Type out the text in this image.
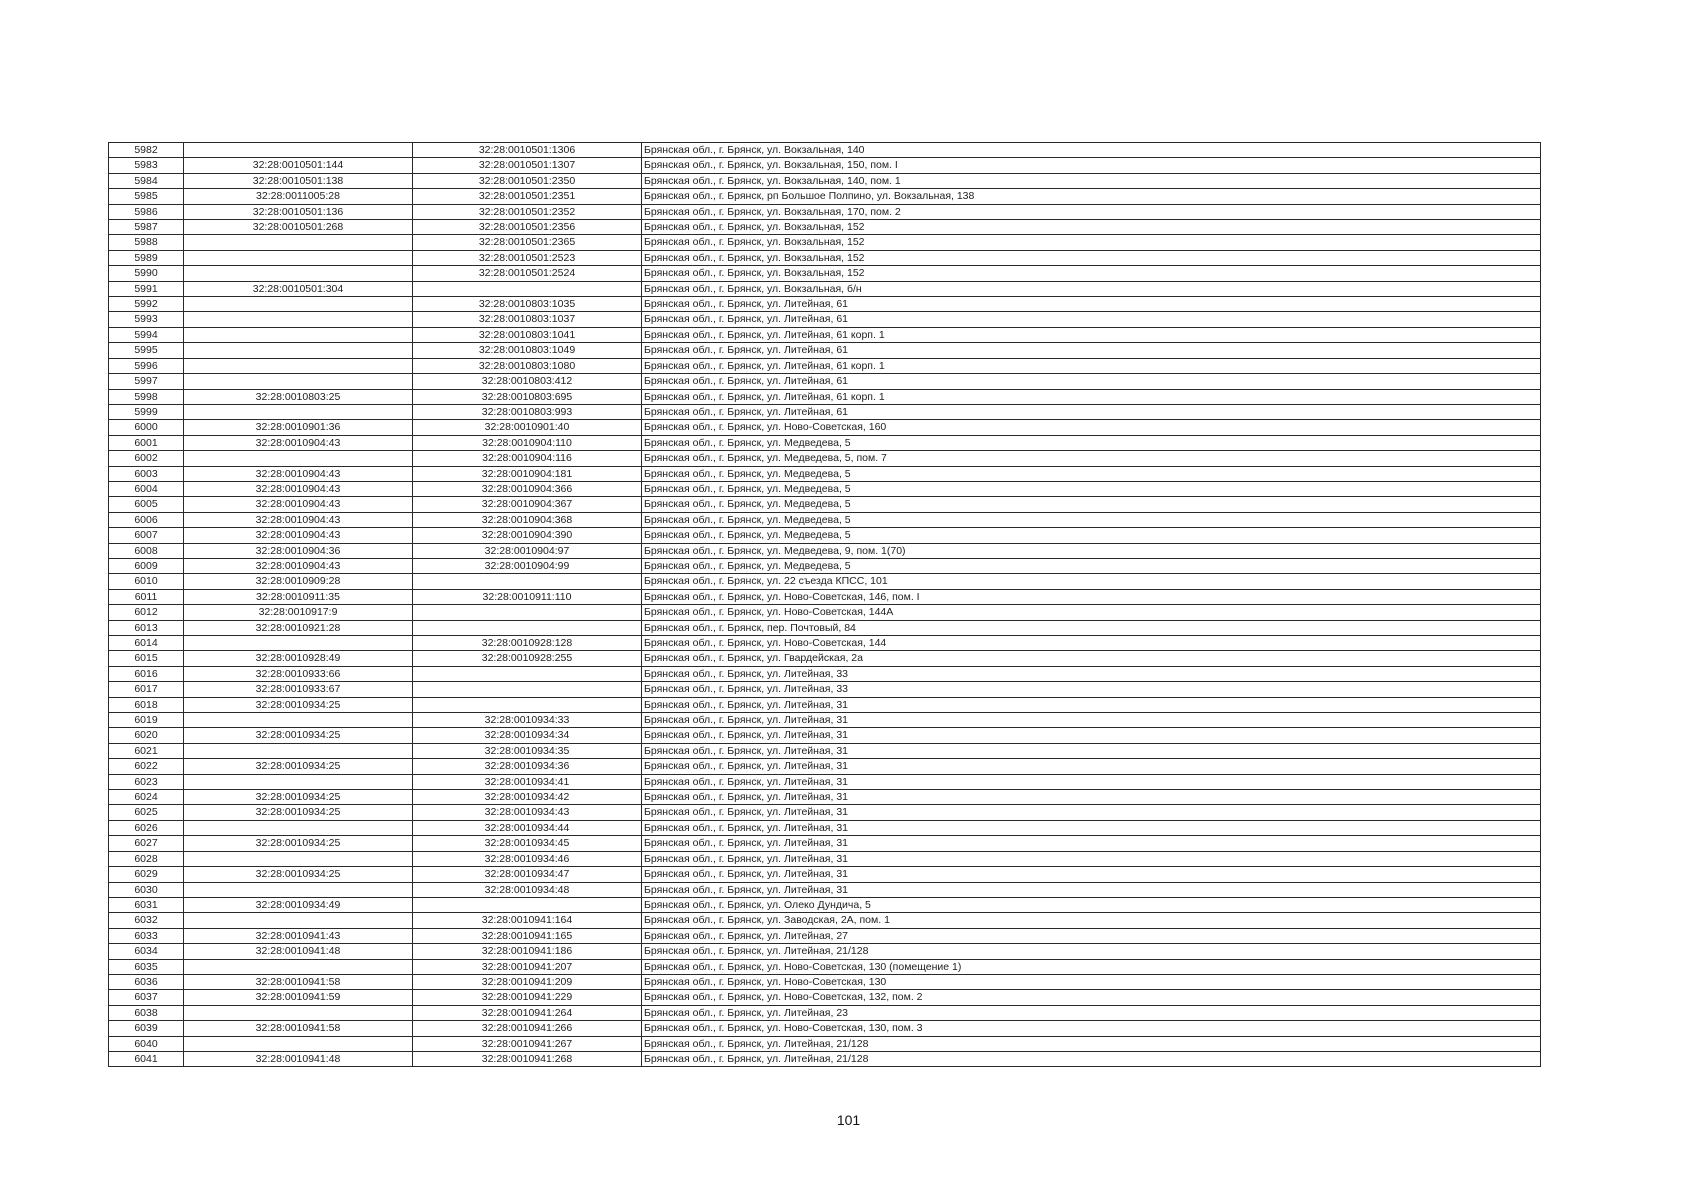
5982		32:28:0010501:1306	Брянская обл., г. Брянск, ул. Вокзальная, 140
5983	32:28:0010501:144	32:28:0010501:1307	Брянская обл., г. Брянск, ул. Вокзальная, 150, пом. I
5984	32:28:0010501:138	32:28:0010501:2350	Брянская обл., г. Брянск, ул. Вокзальная, 140, пом. 1
5985	32:28:0011005:28	32:28:0010501:2351	Брянская обл., г. Брянск, рп Большое Полпино, ул. Вокзальная, 138
5986	32:28:0010501:136	32:28:0010501:2352	Брянская обл., г. Брянск, ул. Вокзальная, 170, пом. 2
5987	32:28:0010501:268	32:28:0010501:2356	Брянская обл., г. Брянск, ул. Вокзальная, 152
5988		32:28:0010501:2365	Брянская обл., г. Брянск, ул. Вокзальная, 152
5989		32:28:0010501:2523	Брянская обл., г. Брянск, ул. Вокзальная, 152
5990		32:28:0010501:2524	Брянская обл., г. Брянск, ул. Вокзальная, 152
5991	32:28:0010501:304		Брянская обл., г. Брянск, ул. Вокзальная, б/н
5992		32:28:0010803:1035	Брянская обл., г. Брянск, ул. Литейная, 61
5993		32:28:0010803:1037	Брянская обл., г. Брянск, ул. Литейная, 61
5994		32:28:0010803:1041	Брянская обл., г. Брянск, ул. Литейная, 61 корп. 1
5995		32:28:0010803:1049	Брянская обл., г. Брянск, ул. Литейная, 61
5996		32:28:0010803:1080	Брянская обл., г. Брянск, ул. Литейная, 61 корп. 1
5997		32:28:0010803:412	Брянская обл., г. Брянск, ул. Литейная, 61
5998	32:28:0010803:25	32:28:0010803:695	Брянская обл., г. Брянск, ул. Литейная, 61 корп. 1
5999		32:28:0010803:993	Брянская обл., г. Брянск, ул. Литейная, 61
6000	32:28:0010901:36	32:28:0010901:40	Брянская обл., г. Брянск, ул. Ново-Советская, 160
6001	32:28:0010904:43	32:28:0010904:110	Брянская обл., г. Брянск, ул. Медведева, 5
6002		32:28:0010904:116	Брянская обл., г. Брянск, ул. Медведева, 5, пом. 7
6003	32:28:0010904:43	32:28:0010904:181	Брянская обл., г. Брянск, ул. Медведева, 5
6004	32:28:0010904:43	32:28:0010904:366	Брянская обл., г. Брянск, ул. Медведева, 5
6005	32:28:0010904:43	32:28:0010904:367	Брянская обл., г. Брянск, ул. Медведева, 5
6006	32:28:0010904:43	32:28:0010904:368	Брянская обл., г. Брянск, ул. Медведева, 5
6007	32:28:0010904:43	32:28:0010904:390	Брянская обл., г. Брянск, ул. Медведева, 5
6008	32:28:0010904:36	32:28:0010904:97	Брянская обл., г. Брянск, ул. Медведева, 9, пом. 1(70)
6009	32:28:0010904:43	32:28:0010904:99	Брянская обл., г. Брянск, ул. Медведева, 5
6010	32:28:0010909:28		Брянская обл., г. Брянск, ул. 22 съезда КПСС, 101
6011	32:28:0010911:35	32:28:0010911:110	Брянская обл., г. Брянск, ул. Ново-Советская, 146, пом. I
6012	32:28:0010917:9		Брянская обл., г. Брянск, ул. Ново-Советская, 144А
6013	32:28:0010921:28		Брянская обл., г. Брянск, пер. Почтовый, 84
6014		32:28:0010928:128	Брянская обл., г. Брянск, ул. Ново-Советская, 144
6015	32:28:0010928:49	32:28:0010928:255	Брянская обл., г. Брянск, ул. Гвардейская, 2а
6016	32:28:0010933:66		Брянская обл., г. Брянск, ул. Литейная, 33
6017	32:28:0010933:67		Брянская обл., г. Брянск, ул. Литейная, 33
6018	32:28:0010934:25		Брянская обл., г. Брянск, ул. Литейная, 31
6019		32:28:0010934:33	Брянская обл., г. Брянск, ул. Литейная, 31
6020	32:28:0010934:25	32:28:0010934:34	Брянская обл., г. Брянск, ул. Литейная, 31
6021		32:28:0010934:35	Брянская обл., г. Брянск, ул. Литейная, 31
6022	32:28:0010934:25	32:28:0010934:36	Брянская обл., г. Брянск, ул. Литейная, 31
6023		32:28:0010934:41	Брянская обл., г. Брянск, ул. Литейная, 31
6024	32:28:0010934:25	32:28:0010934:42	Брянская обл., г. Брянск, ул. Литейная, 31
6025	32:28:0010934:25	32:28:0010934:43	Брянская обл., г. Брянск, ул. Литейная, 31
6026		32:28:0010934:44	Брянская обл., г. Брянск, ул. Литейная, 31
6027	32:28:0010934:25	32:28:0010934:45	Брянская обл., г. Брянск, ул. Литейная, 31
6028		32:28:0010934:46	Брянская обл., г. Брянск, ул. Литейная, 31
6029	32:28:0010934:25	32:28:0010934:47	Брянская обл., г. Брянск, ул. Литейная, 31
6030		32:28:0010934:48	Брянская обл., г. Брянск, ул. Литейная, 31
6031	32:28:0010934:49		Брянская обл., г. Брянск, ул. Олеко Дундича, 5
6032		32:28:0010941:164	Брянская обл., г. Брянск, ул. Заводская, 2А, пом. 1
6033	32:28:0010941:43	32:28:0010941:165	Брянская обл., г. Брянск, ул. Литейная, 27
6034	32:28:0010941:48	32:28:0010941:186	Брянская обл., г. Брянск, ул. Литейная, 21/128
6035		32:28:0010941:207	Брянская обл., г. Брянск, ул. Ново-Советская, 130 (помещение 1)
6036	32:28:0010941:58	32:28:0010941:209	Брянская обл., г. Брянск, ул. Ново-Советская, 130
6037	32:28:0010941:59	32:28:0010941:229	Брянская обл., г. Брянск, ул. Ново-Советская, 132, пом. 2
6038		32:28:0010941:264	Брянская обл., г. Брянск, ул. Литейная, 23
6039	32:28:0010941:58	32:28:0010941:266	Брянская обл., г. Брянск, ул. Ново-Советская, 130, пом. 3
6040		32:28:0010941:267	Брянская обл., г. Брянск, ул. Литейная, 21/128
6041	32:28:0010941:48	32:28:0010941:268	Брянская обл., г. Брянск, ул. Литейная, 21/128
101
